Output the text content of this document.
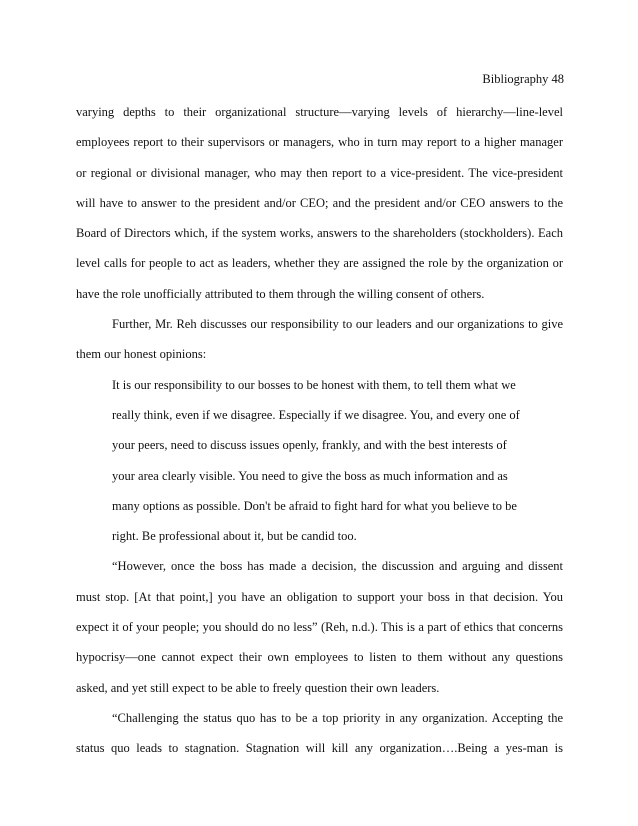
Bibliography 48
varying depths to their organizational structure—varying levels of hierarchy—line-level
employees report to their supervisors or managers, who in turn may report to a higher manager
or regional or divisional manager, who may then report to a vice-president. The vice-president
will have to answer to the president and/or CEO; and the president and/or CEO answers to the
Board of Directors which, if the system works, answers to the shareholders (stockholders). Each
level calls for people to act as leaders, whether they are assigned the role by the organization or
have the role unofficially attributed to them through the willing consent of others.
Further, Mr. Reh discusses our responsibility to our leaders and our organizations to give
them our honest opinions:
It is our responsibility to our bosses to be honest with them, to tell them what we
really think, even if we disagree. Especially if we disagree. You, and every one of
your peers, need to discuss issues openly, frankly, and with the best interests of
your area clearly visible. You need to give the boss as much information and as
many options as possible. Don't be afraid to fight hard for what you believe to be
right. Be professional about it, but be candid too.
“However, once the boss has made a decision, the discussion and arguing and dissent
must stop. [At that point,] you have an obligation to support your boss in that decision. You
expect it of your people; you should do no less” (Reh, n.d.). This is a part of ethics that concerns
hypocrisy—one cannot expect their own employees to listen to them without any questions
asked, and yet still expect to be able to freely question their own leaders.
“Challenging the status quo has to be a top priority in any organization. Accepting the
status quo leads to stagnation. Stagnation will kill any organization….Being a yes-man is
